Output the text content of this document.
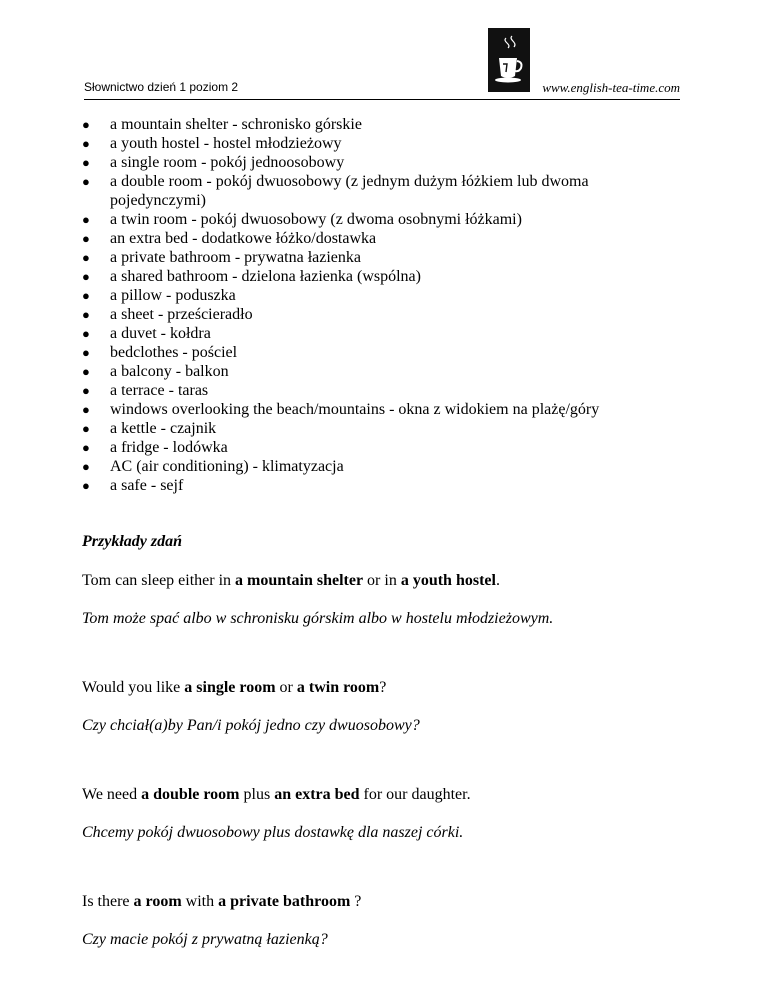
Słownictwo dzień 1 poziom 2	www.english-tea-time.com
● a mountain shelter - schronisko górskie
● a youth hostel - hostel młodzieżowy
● a single room - pokój jednoosobowy
● a double room - pokój dwuosobowy (z jednym dużym łóżkiem lub dwoma pojedynczymi)
● a twin room - pokój dwuosobowy (z dwoma osobnymi łóżkami)
● an extra bed - dodatkowe łóżko/dostawka
● a private bathroom - prywatna łazienka
● a shared bathroom - dzielona łazienka (wspólna)
● a pillow - poduszka
● a sheet - prześcieradło
● a duvet - kołdra
● bedclothes - pościel
● a balcony - balkon
● a terrace - taras
● windows overlooking the beach/mountains - okna z widokiem na plażę/góry
● a kettle - czajnik
● a fridge - lodówka
● AC (air conditioning) - klimatyzacja
● a safe - sejf

Przykłady zdań

Tom can sleep either in a mountain shelter or in a youth hostel.

Tom może spać albo w schronisku górskim albo w hostelu młodzieżowym.

Would you like a single room or a twin room?

Czy chciał(a)by Pan/i pokój jedno czy dwuosobowy?

We need a double room plus an extra bed for our daughter.

Chcemy pokój dwuosobowy plus dostawkę dla naszej córki.

Is there a room with a private bathroom ?

Czy macie pokój z prywatną łazienką?
